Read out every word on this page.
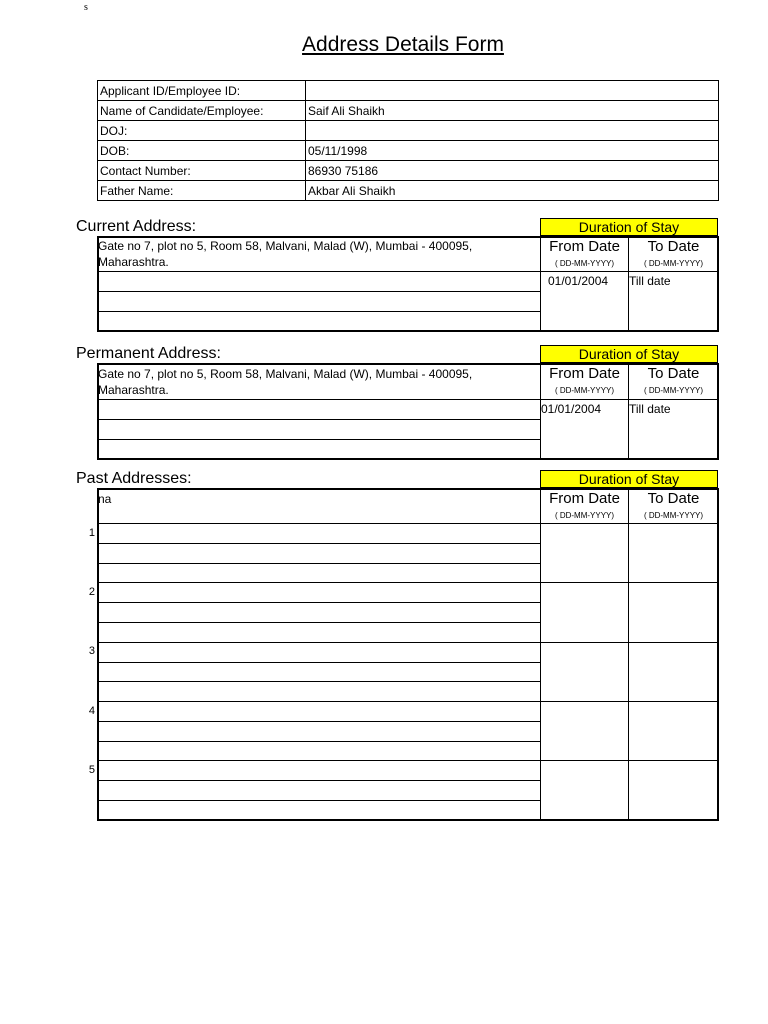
s
Address Details Form
Applicant ID/Employee ID:	
Name of Candidate/Employee:	Saif Ali Shaikh
DOJ:	
DOB:	05/11/1998
Contact Number:	86930 75186
Father Name:	Akbar Ali Shaikh
Current Address:	Duration of Stay
From Date	To Date
( DD-MM-YYYY)	( DD-MM-YYYY)
Gate no 7, plot no 5, Room 58, Malvani, Malad (W), Mumbai - 400095, Maharashtra.
01/01/2004 Till date
Permanent Address:	Duration of Stay
From Date	To Date
( DD-MM-YYYY)	( DD-MM-YYYY)
Gate no 7, plot no 5, Room 58, Malvani, Malad (W), Mumbai - 400095, Maharashtra.
01/01/2004 Till date
Past Addresses:	Duration of Stay
From Date	To Date
( DD-MM-YYYY)	( DD-MM-YYYY)
na
1
2
3
4
5
